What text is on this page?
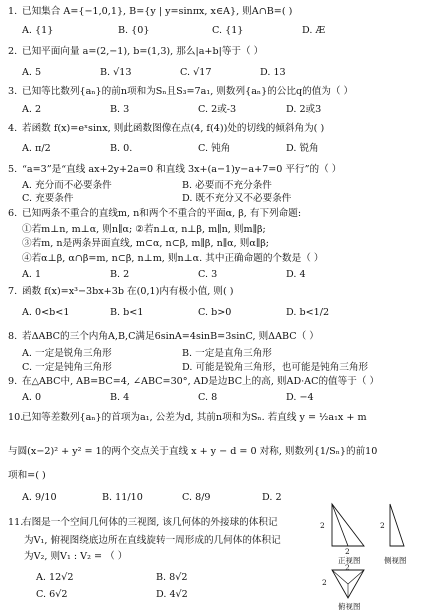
1. 已知集合 A={−1,0,1}, B={y | y=sinπx, x∈A}, 则A∩B=( )
A. {1}	B. {0}	C. {1}	D. Æ
2. 已知平面向量 a=(2,−1), b=(1,3), 那么|a+b|等于（ ）
A. 5	B. √13	C. √17	D. 13
3. 已知等比数列{aₙ}的前n项和为Sₙ且S₃=7a₁, 则数列{aₙ}的公比q的值为（ ）
A. 2	B. 3	C. 2或-3	D. 2或3
4. 若函数 f(x)=eˣsinx, 则此函数图像在点(4, f(4))处的切线的倾斜角为( )
A. π/2	B. 0.	C. 钝角	D. 锐角
5. “a=3”是“直线 ax+2y+2a=0 和直线 3x+(a−1)y−a+7=0 平行”的（ ）
A. 充分而不必要条件	B. 必要而不充分条件
C. 充要条件	D. 既不充分又不必要条件
6. 已知两条不重合的直线m, n和两个不重合的平面α, β, 有下列命题:
①若m⊥n, m⊥α, 则n∥α; ②若n⊥α, n⊥β, m∥n, 则m∥β;
③若m, n是两条异面直线, m⊂α, n⊂β, m∥β, n∥α, 则α∥β;
④若α⊥β, α∩β=m, n⊂β, n⊥m, 则n⊥α. 其中正确命题的个数是（ ）
A. 1	B. 2	C. 3	D. 4
7. 函数 f(x)=x³−3bx+3b 在(0,1)内有极小值, 则( )
A. 0<b<1	B. b<1	C. b>0	D. b<1/2
8. 若ΔABC的三个内角A,B,C满足6sinA=4sinB=3sinC, 则ΔABC（ ）
A. 一定是锐角三角形	B. 一定是直角三角形
C. 一定是钝角三角形	D. 可能是锐角三角形，也可能是钝角三角形
9. 在△ABC中, AB=BC=4, ∠ABC=30°, AD是边BC上的高, 则AD·AC的值等于（ ）
A. 0	B. 4	C. 8	D. −4
10.已知等差数列{aₙ}的首项为a₁, 公差为d, 其前n项和为Sₙ. 若直线 y = ½a₁x + m
与圆(x−2)² + y² = 1的两个交点关于直线 x + y − d = 0 对称, 则数列{1/Sₙ}的前10
项和=( )
A. 9/10	B. 11/10	C. 8/9	D. 2
11.右图是一个空间几何体的三视图, 该几何体的外接球的体积记
为V₁, 俯视图绕底边所在直线旋转一周形成的几何体的体积记
为V₂, 则V₁ : V₂ = （ ）
A. 12√2	B. 8√2
C. 6√2	D. 4√2
2
2
2
2
2
正视图	侧视图
俯视图
